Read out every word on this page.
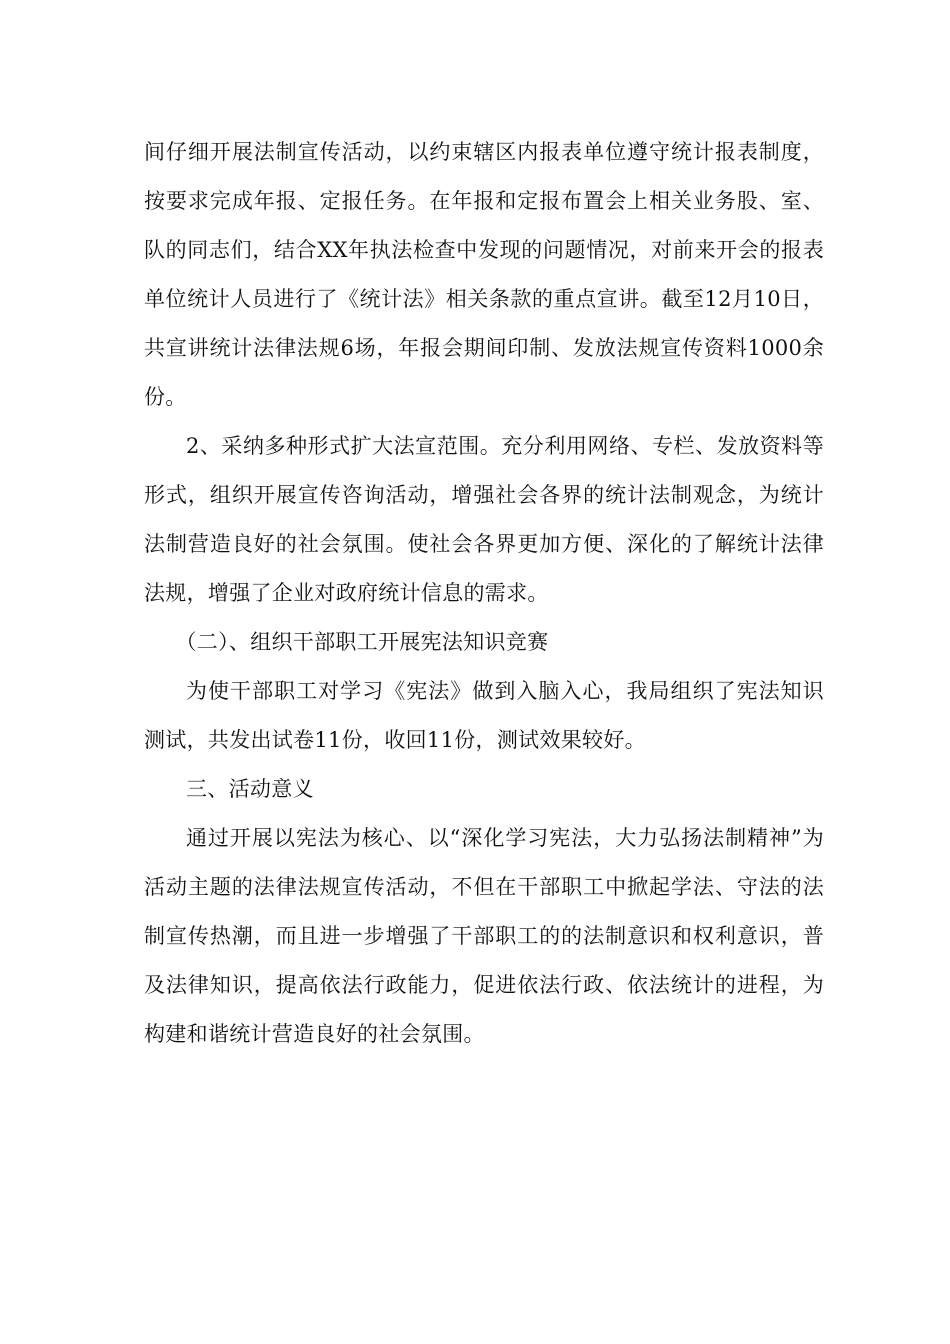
间仔细开展法制宣传活动，以约束辖区内报表单位遵守统计报表制度，按要求完成年报、定报任务。在年报和定报布置会上相关业务股、室、队的同志们，结合XX年执法检查中发现的问题情况，对前来开会的报表单位统计人员进行了《统计法》相关条款的重点宣讲。截至12月10日，共宣讲统计法律法规6场，年报会期间印制、发放法规宣传资料1000余份。

2、采纳多种形式扩大法宣范围。充分利用网络、专栏、发放资料等形式，组织开展宣传咨询活动，增强社会各界的统计法制观念，为统计法制营造良好的社会氛围。使社会各界更加方便、深化的了解统计法律法规，增强了企业对政府统计信息的需求。

（二）、组织干部职工开展宪法知识竞赛

为使干部职工对学习《宪法》做到入脑入心，我局组织了宪法知识测试，共发出试卷11份，收回11份，测试效果较好。

三、活动意义

通过开展以宪法为核心、以“深化学习宪法，大力弘扬法制精神”为活动主题的法律法规宣传活动，不但在干部职工中掀起学法、守法的法制宣传热潮，而且进一步增强了干部职工的的法制意识和权利意识，普及法律知识，提高依法行政能力，促进依法行政、依法统计的进程，为构建和谐统计营造良好的社会氛围。
